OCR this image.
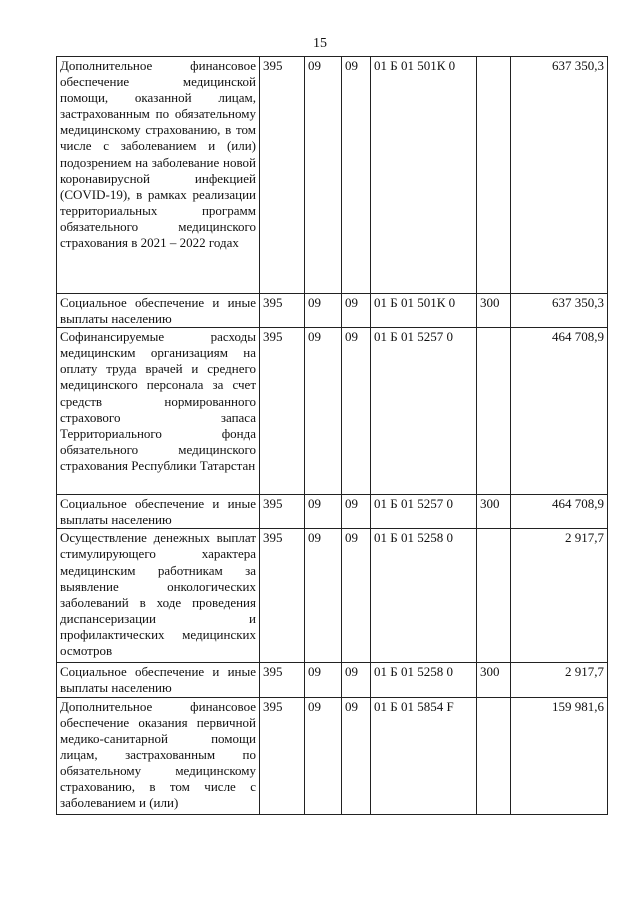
15
Дополнительное финансовое обеспечение медицинской помощи, оказанной лицам, застрахованным по обязательному медицинскому страхованию, в том числе с заболеванием и (или) подозрением на заболевание новой коронавирусной инфекцией (COVID-19), в рамках реализации территориальных программ обязательного медицинского страхования в 2021 – 2022 годах	395	09	09	01 Б 01 501К 0		637 350,3
Социальное обеспечение и иные выплаты населению	395	09	09	01 Б 01 501К 0	300	637 350,3
Софинансируемые расходы медицинским организациям на оплату труда врачей и среднего медицинского персонала за счет средств нормированного страхового запаса Территориального фонда обязательного медицинского страхования Республики Татарстан	395	09	09	01 Б 01 5257 0		464 708,9
Социальное обеспечение и иные выплаты населению	395	09	09	01 Б 01 5257 0	300	464 708,9
Осуществление денежных выплат стимулирующего характера медицинским работникам за выявление онкологических заболеваний в ходе проведения диспансеризации и профилактических медицинских осмотров	395	09	09	01 Б 01 5258 0		2 917,7
Социальное обеспечение и иные выплаты населению	395	09	09	01 Б 01 5258 0	300	2 917,7
Дополнительное финансовое обеспечение оказания первичной медико-санитарной помощи лицам, застрахованным по обязательному медицинскому страхованию, в том числе с заболеванием и (или)	395	09	09	01 Б 01 5854 F		159 981,6
